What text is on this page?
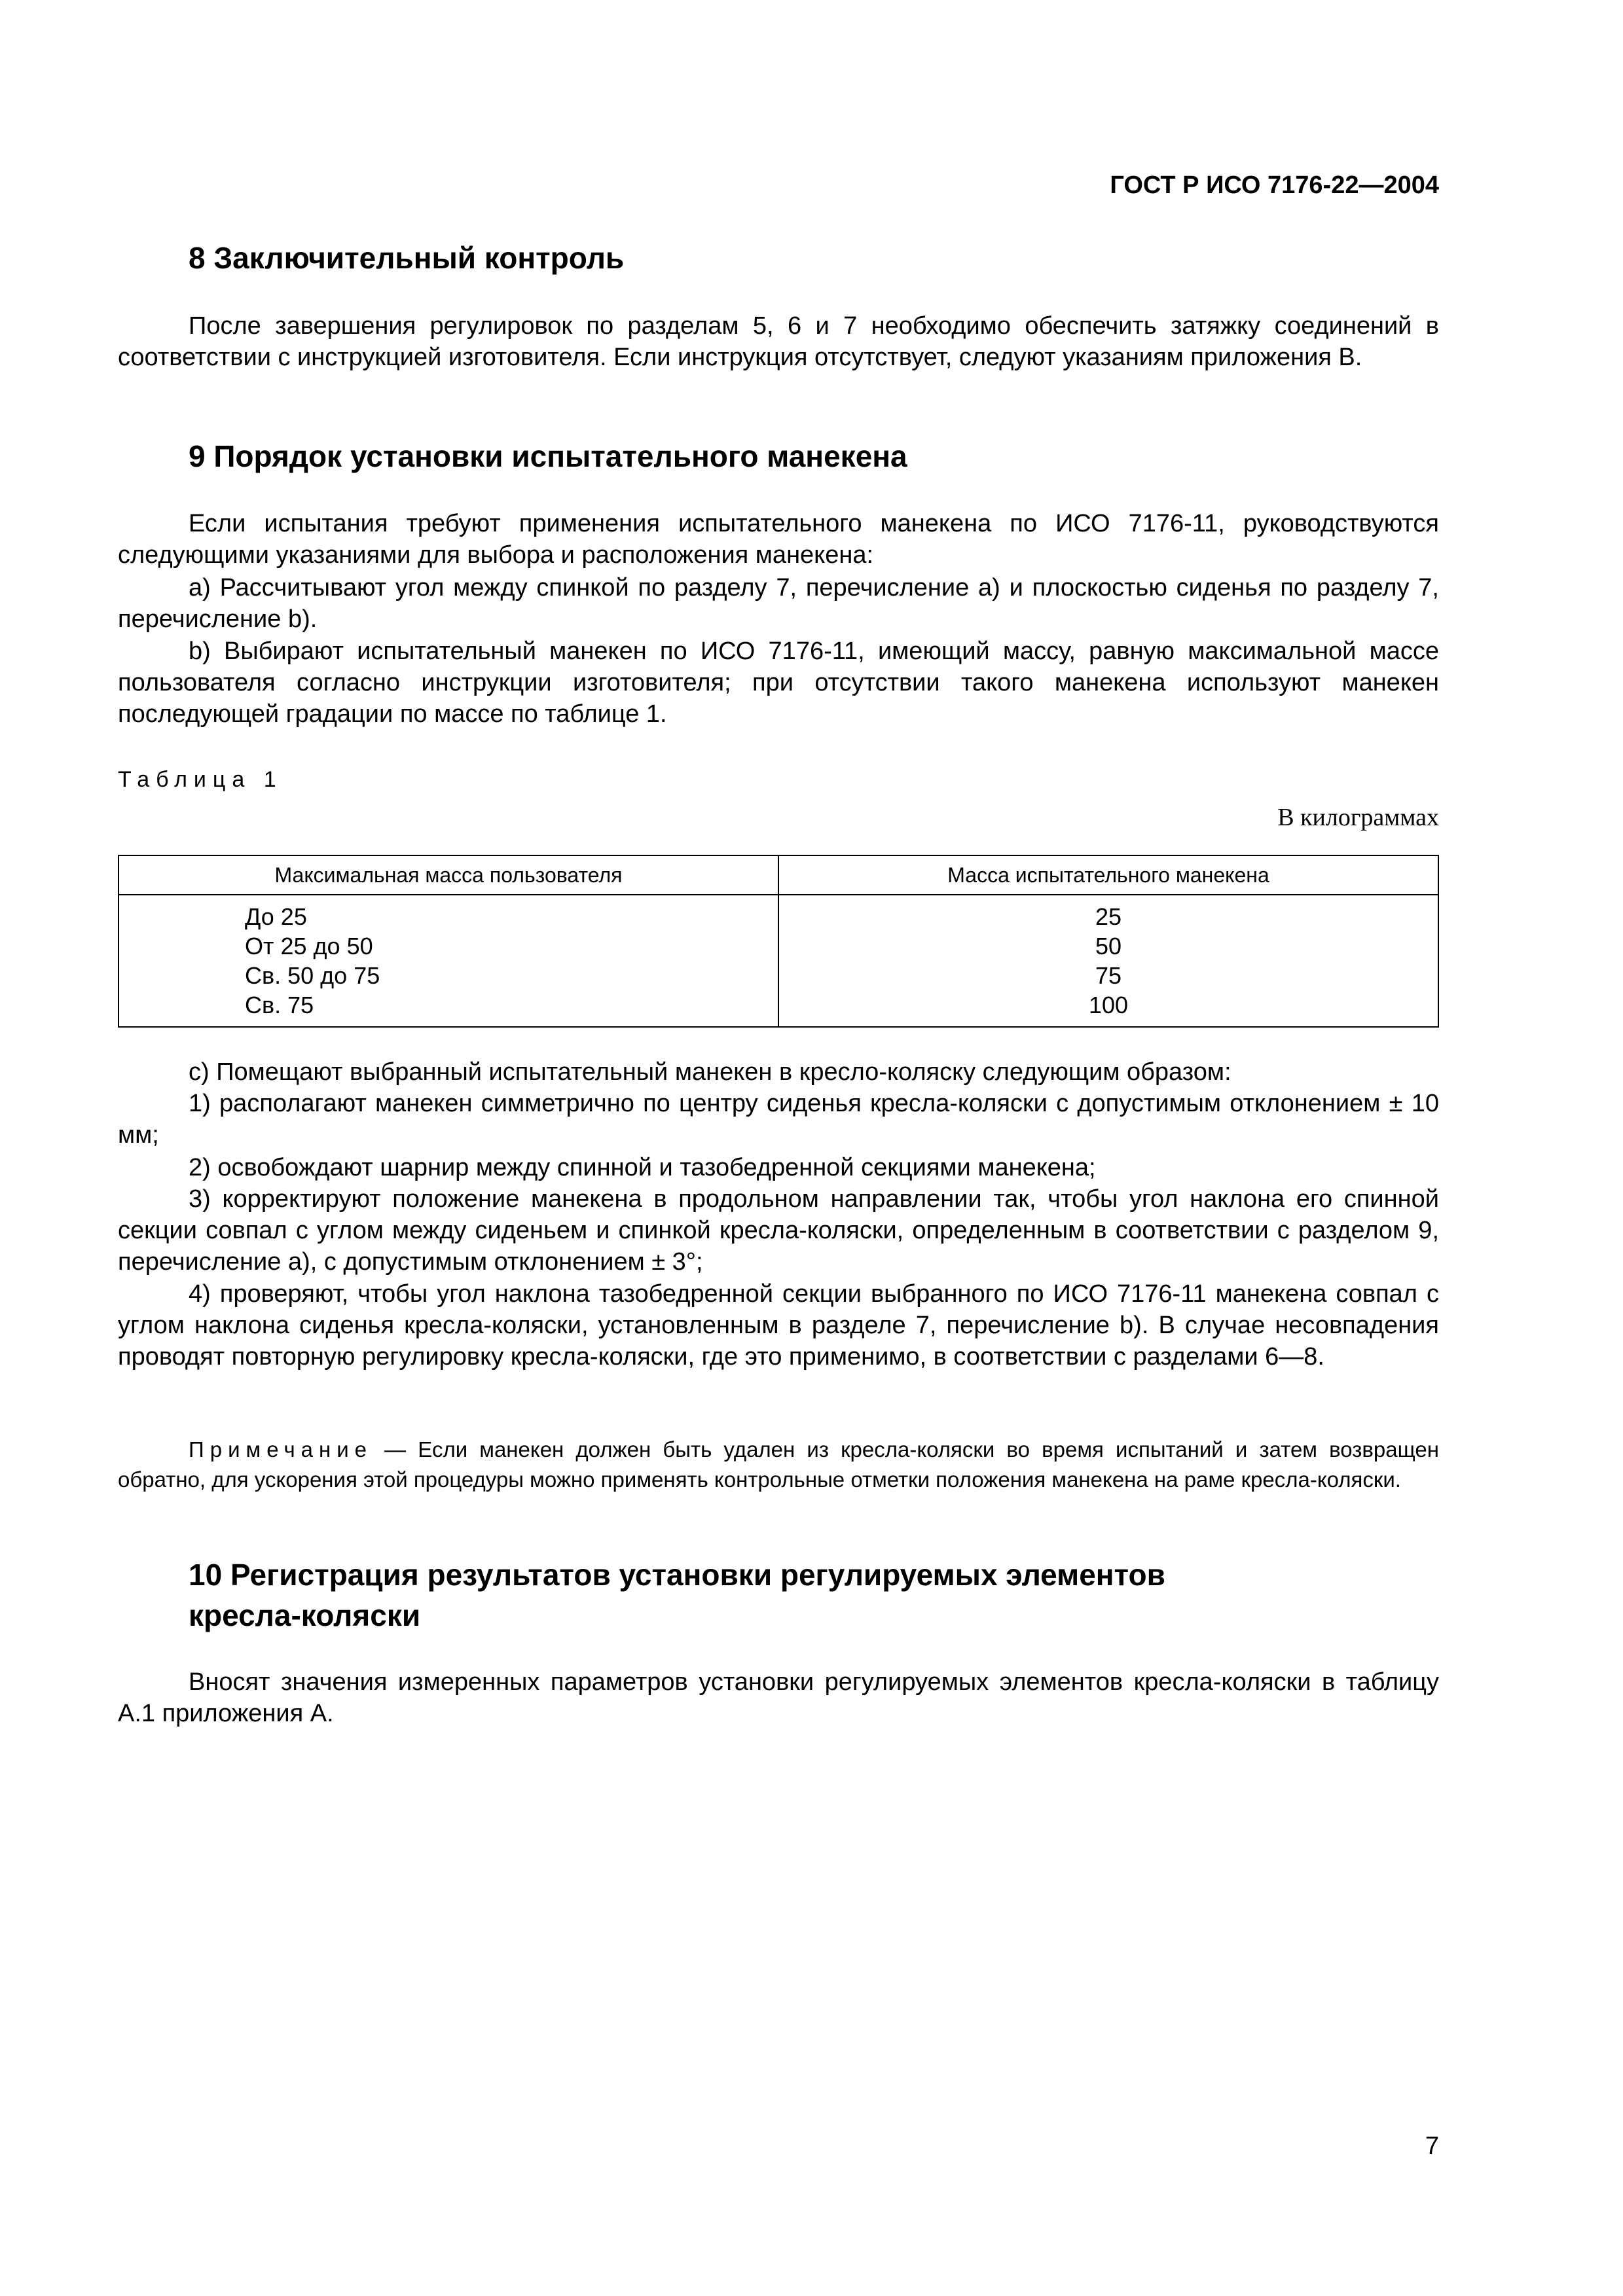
ГОСТ Р ИСО 7176-22—2004
8 Заключительный контроль

После завершения регулировок по разделам 5, 6 и 7 необходимо обеспечить затяжку соединений в соответствии с инструкцией изготовителя. Если инструкция отсутствует, следуют указаниям приложения В.

9 Порядок установки испытательного манекена

Если испытания требуют применения испытательного манекена по ИСО 7176-11, руководствуются следующими указаниями для выбора и расположения манекена:

a) Рассчитывают угол между спинкой по разделу 7, перечисление а) и плоскостью сиденья по разделу 7, перечисление b).

b) Выбирают испытательный манекен по ИСО 7176-11, имеющий массу, равную максимальной массе пользователя согласно инструкции изготовителя; при отсутствии такого манекена используют манекен последующей градации по массе по таблице 1.

Таблица 1
В килограммах
Максимальная масса пользователя	Масса испытательного манекена
До 25
От 25 до 50
Св. 50 до 75
Св. 75
25
50
75
100

c) Помещают выбранный испытательный манекен в кресло-коляску следующим образом:

1) располагают манекен симметрично по центру сиденья кресла-коляски с допустимым отклонением ± 10 мм;

2) освобождают шарнир между спинной и тазобедренной секциями манекена;

3) корректируют положение манекена в продольном направлении так, чтобы угол наклона его спинной секции совпал с углом между сиденьем и спинкой кресла-коляски, определенным в соответствии с разделом 9, перечисление а), с допустимым отклонением ± 3°;

4) проверяют, чтобы угол наклона тазобедренной секции выбранного по ИСО 7176-11 манекена совпал с углом наклона сиденья кресла-коляски, установленным в разделе 7, перечисление b). В случае несовпадения проводят повторную регулировку кресла-коляски, где это применимо, в соответствии с разделами 6—8.

Примечание — Если манекен должен быть удален из кресла-коляски во время испытаний и затем возвращен обратно, для ускорения этой процедуры можно применять контрольные отметки положения манекена на раме кресла-коляски.

10 Регистрация результатов установки регулируемых элементов
кресла-коляски

Вносят значения измеренных параметров установки регулируемых элементов кресла-коляски в таблицу А.1 приложения А.

7
